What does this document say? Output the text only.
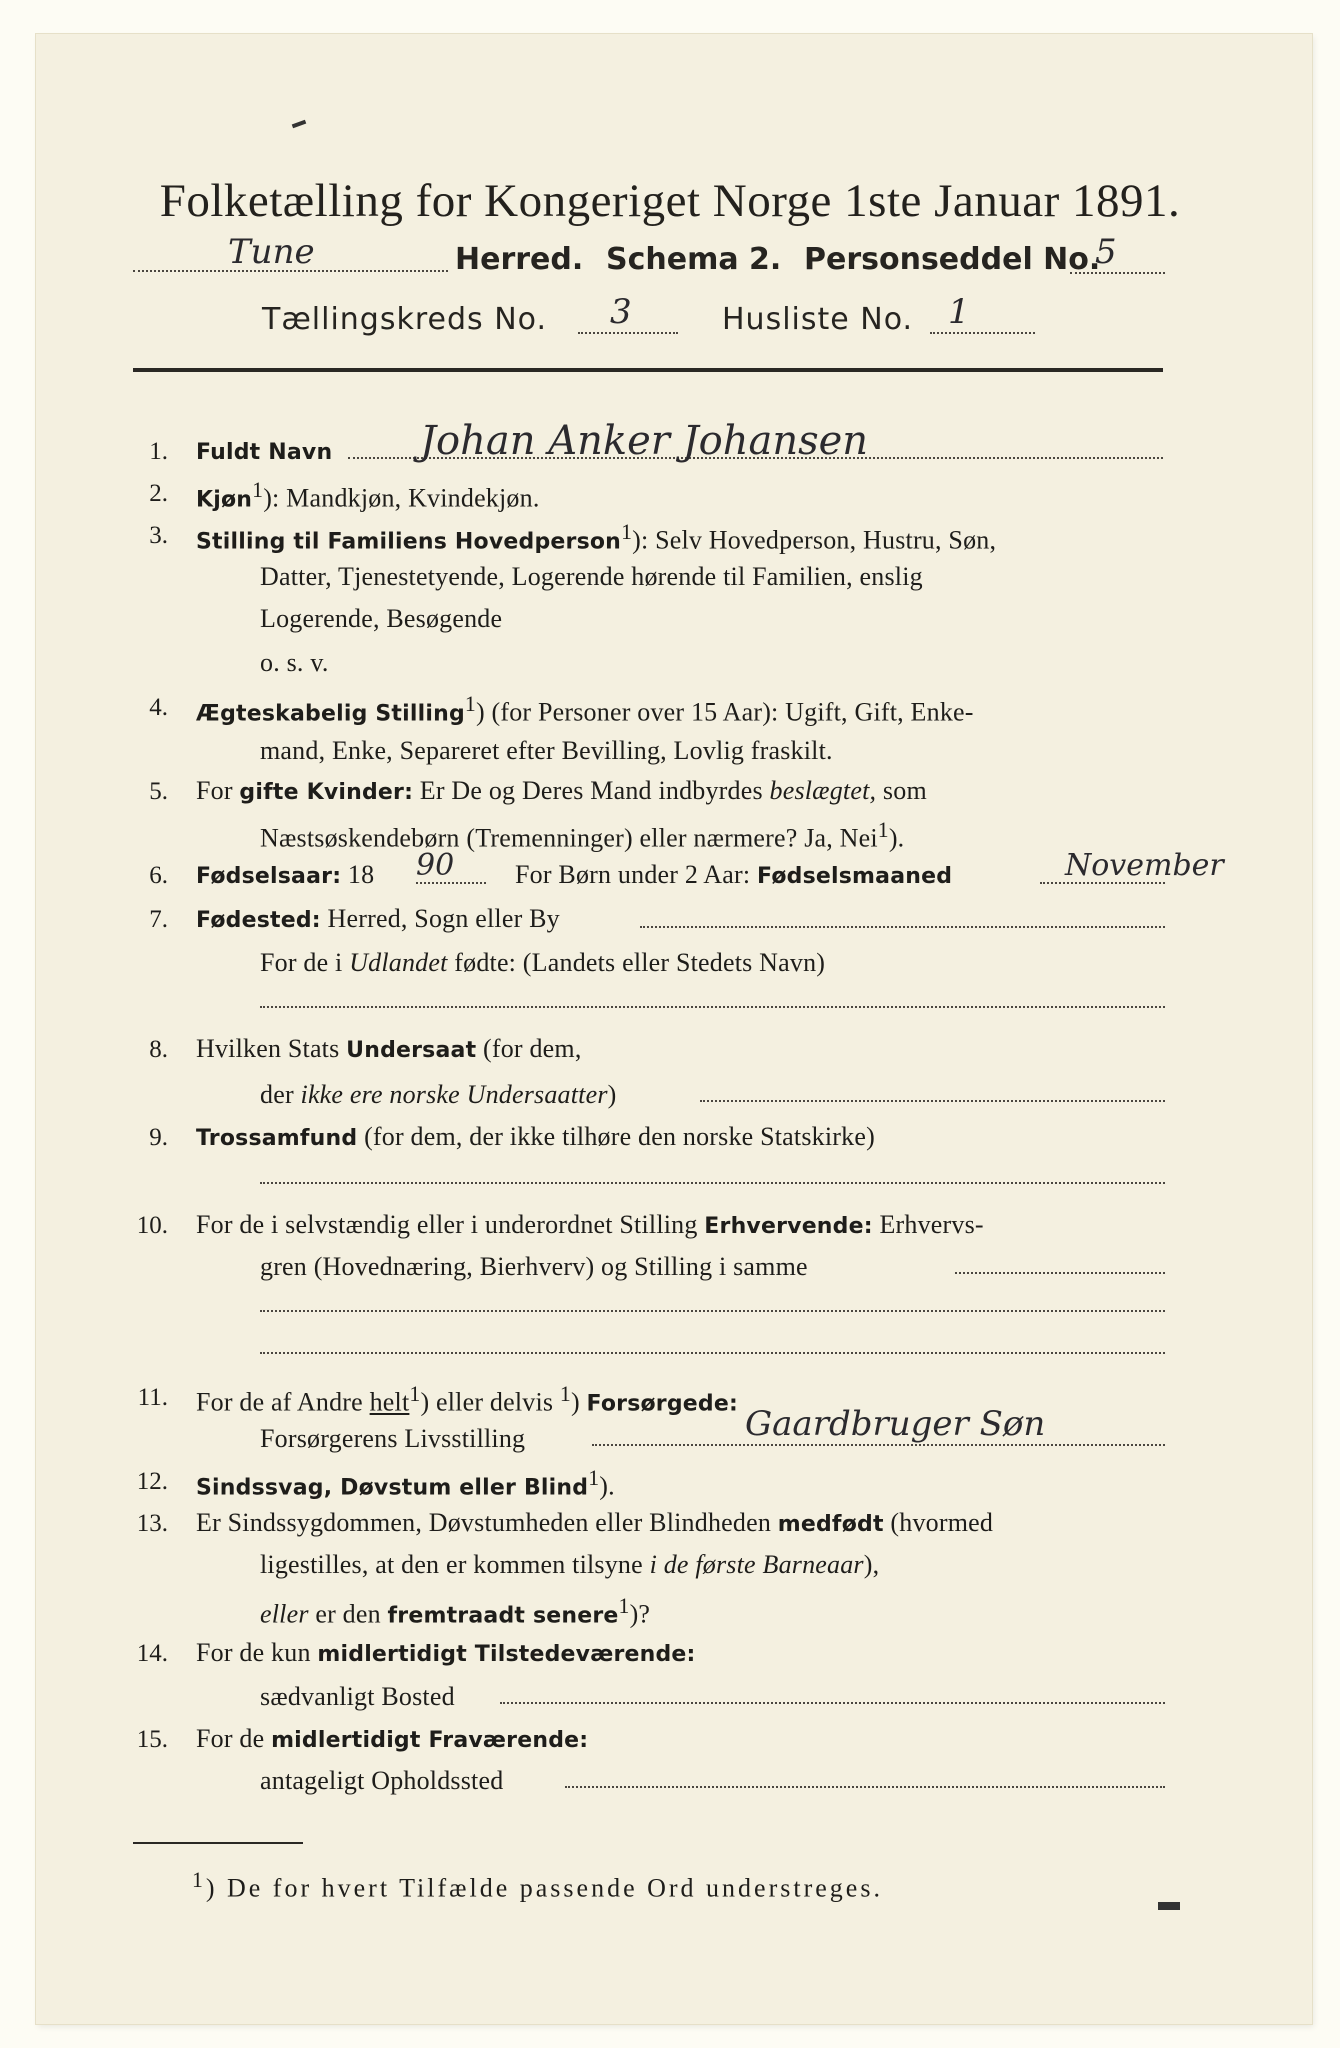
Folketælling for Kongeriget Norge 1ste Januar 1891.
Tune	Herred. Schema 2. Personseddel No.
5
Tællingskreds No. 3	Husliste No. 1
1. Fuldt Navn Johan Anker Johansen
2. Kjøn$^1$): Mandkjøn, Kvindekjøn.
3. Stilling til Familiens Hovedperson$^1$): Selv Hovedperson, Hustru, Søn,
Datter, Tjenestetyende, Logerende hørende til Familien, enslig
Logerende, Besøgende
o. s. v.
4. Ægteskabelig Stilling$^1$) (for Personer over 15 Aar): Ugift, Gift, Enke-
mand, Enke, Separeret efter Bevilling, Lovlig fraskilt.
5. For gifte Kvinder: Er De og Deres Mand indbyrdes beslægtet, som
Næstsøskendebørn (Tremenninger) eller nærmere? Ja, Nei$^1$).
6. Fødselsaar: 18 90 For Børn under 2 Aar: Fødselsmaaned	November
7. Fødested: Herred, Sogn eller By
For de i Udlandet fødte: (Landets eller Stedets Navn)
8. Hvilken Stats Undersaat (for dem,
der ikke ere norske Undersaatter)
9. Trossamfund (for dem, der ikke tilhøre den norske Statskirke)
10. For de i selvstændig eller i underordnet Stilling Erhvervende: Erhvervs-
gren (Hovednæring, Bierhverv) og Stilling i samme
11. For de af Andre helt$^1$) eller delvis $^1$) Forsørgede:
Forsørgerens Livsstilling	Gaardbruger Søn
12. Sindssvag, Døvstum eller Blind$^1$).
13. Er Sindssygdommen, Døvstumheden eller Blindheden medfødt (hvormed
ligestilles, at den er kommen tilsyne i de første Barneaar),
eller er den fremtraadt senere$^1$)?
14. For de kun midlertidigt Tilstedeværende:
sædvanligt Bosted
15. For de midlertidigt Fraværende:
antageligt Opholdssted
$^1$) De for hvert Tilfælde passende Ord understreges.
